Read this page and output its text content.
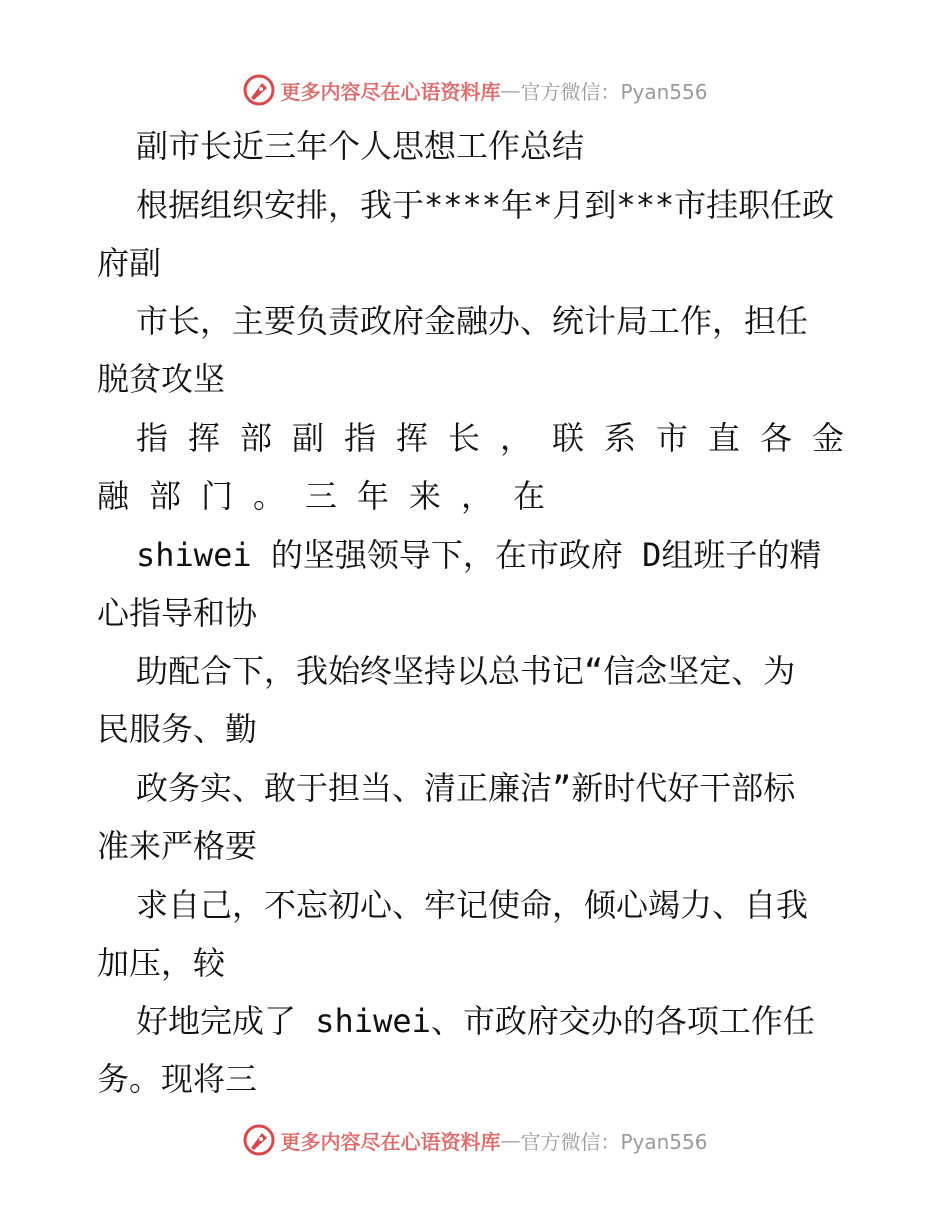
更多内容尽在心语资料库 — 官方微信：Pyan556
副市长近三年个人思想工作总结
根据组织安排，我于****年*月到***市挂职任政
府副
市长，主要负责政府金融办、统计局工作，担任
脱贫攻坚
指挥部副指挥长，联系市直各金
融部门。三年来，在
shiwei 的坚强领导下，在市政府 D组班子的精
心指导和协
助配合下，我始终坚持以总书记“信念坚定、为
民服务、勤
政务实、敢于担当、清正廉洁”新时代好干部标
准来严格要
求自己，不忘初心、牢记使命，倾心竭力、自我
加压，较
好地完成了 shiwei、市政府交办的各项工作任
务。现将三
更多内容尽在心语资料库 — 官方微信：Pyan556
